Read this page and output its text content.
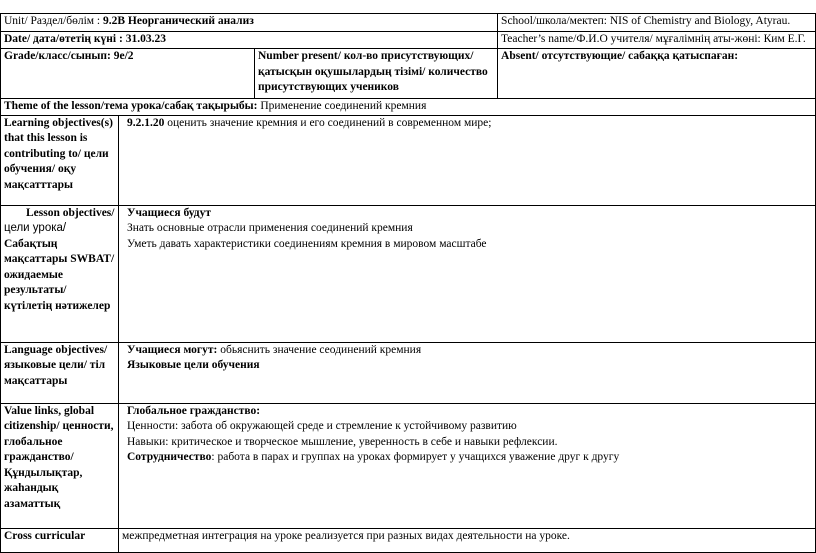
Unit/ Раздел/бөлім : 9.2В Неорганический анализ			School/школа/мектеп: NIS of Chemistry and Biology, Atyrau.
Date/ дата/өтетің күні : 31.03.23			Teacher’s name/Ф.И.О учителя/ мұғалімнің аты-жөні: Ким Е.Г.
Grade/класс/сынып: 9е/2		Number present/ кол-во присутствующих/ қатысқын оқушылардың тізімі/ количество присутствующих учеников	Absent/ отсутствующие/ сабаққа қатыспаған:
Theme of the lesson/тема урока/сабақ тақырыбы: Применение соединений кремния			
Learning objectives(s) that this lesson is contributing to/ цели обучения/ оқу мақсатттары	9.2.1.20 оценить значение кремния и его соединений в современном мире;		
Lesson objectives/ цели урока/ Сабақтың мақсаттары SWBAT/ ожидаемые результаты/ күтілетің нәтижелер	Учащиеся будут

Знать основные отрасли применения соединений кремния

Уметь давать характеристики соединениям кремния в мировом масштабе		

Language objectives/ языковые цели/ тіл мақсаттары	Учащиеся могут: обьяснить значение сеодинений кремния

Языковые цели обучения		

Value links, global citizenship/ ценности, глобальное гражданство/ Құндылықтар, жаһандық азаматтық	Глобальное гражданство:

Ценности: забота об окружающей среде и стремление к устойчивому развитию

Навыки: критическое и творческое мышление, уверенность в себе и навыки рефлексии.

Сотрудничество: работа в парах и группах на уроках формирует у учащихся уважение друг к другу		

Cross curricular	межпредметная интеграция на уроке реализуется при разных видах деятельности на уроке.		
